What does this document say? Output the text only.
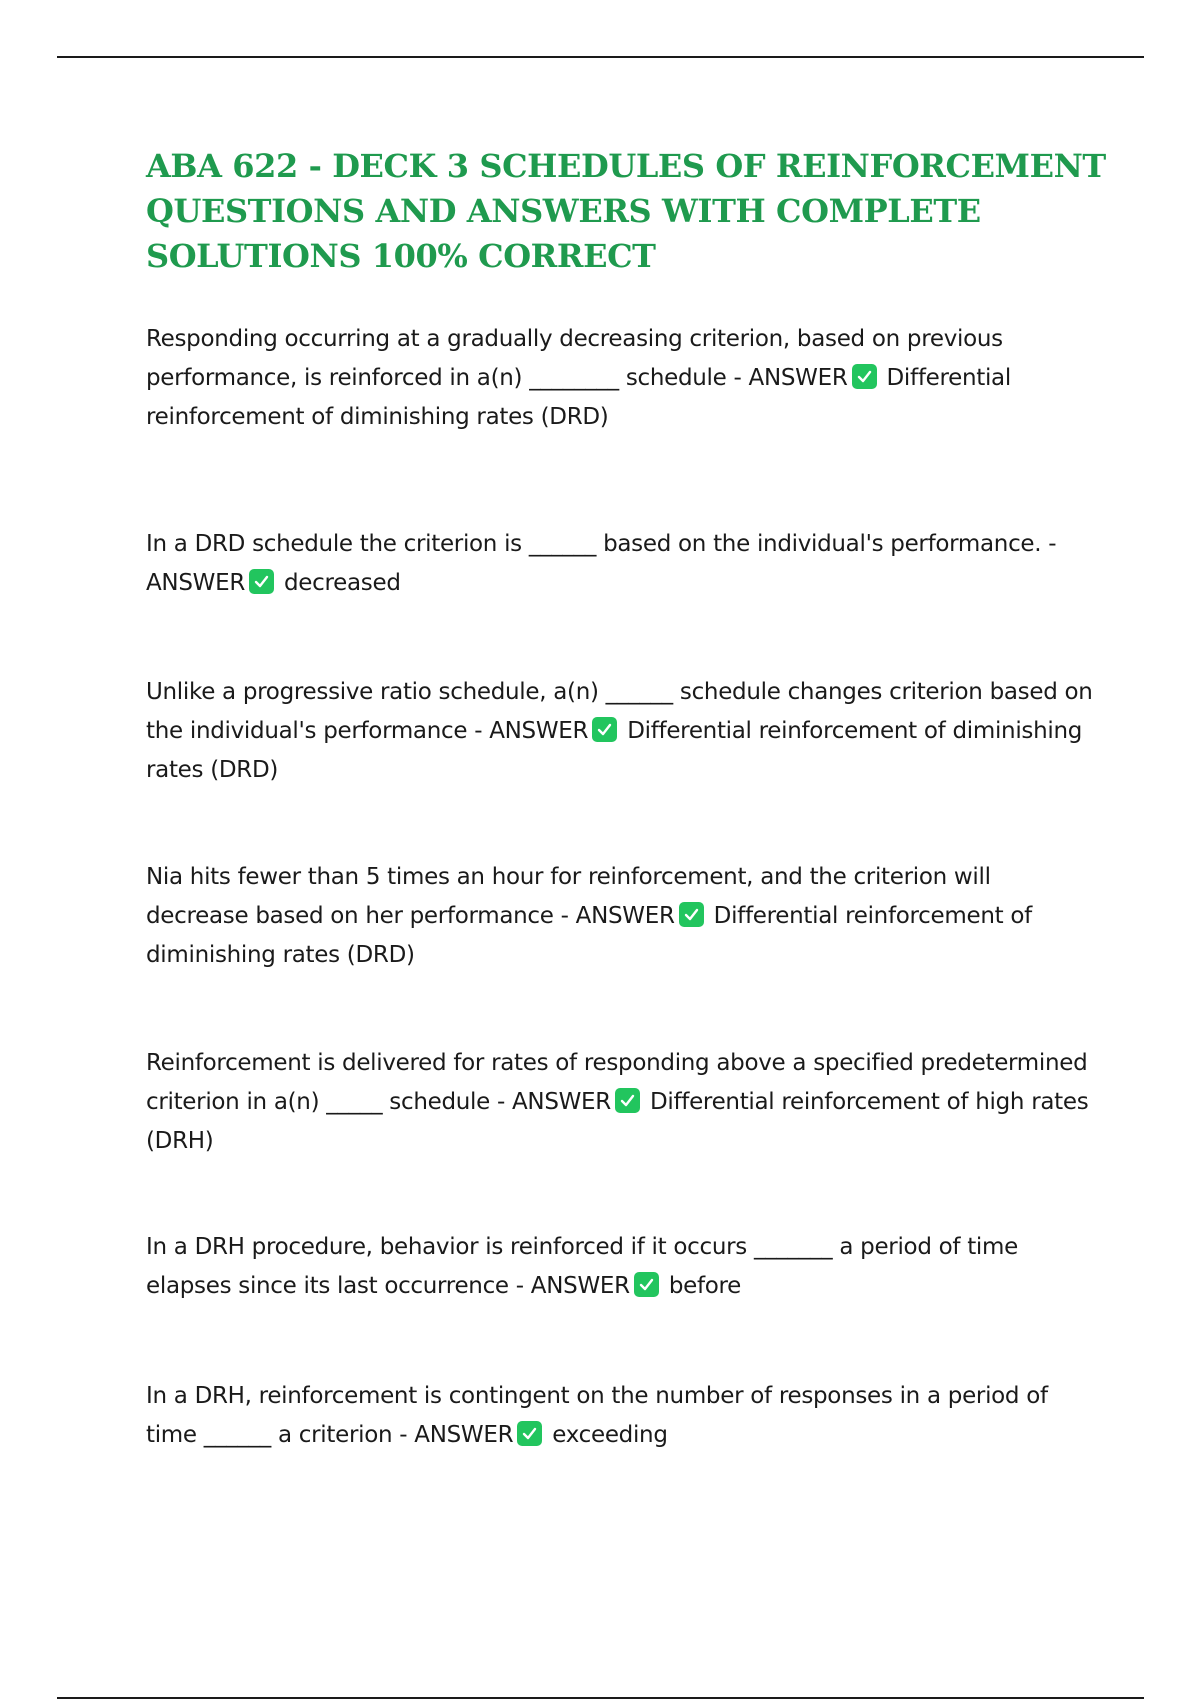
ABA 622 - DECK 3 SCHEDULES OF REINFORCEMENT QUESTIONS AND ANSWERS WITH COMPLETE SOLUTIONS 100% CORRECT

Responding occurring at a gradually decreasing criterion, based on previous performance, is reinforced in a(n) ________ schedule - ANSWER Differential reinforcement of diminishing rates (DRD)

In a DRD schedule the criterion is ______ based on the individual's performance. - ANSWER decreased

Unlike a progressive ratio schedule, a(n) ______ schedule changes criterion based on the individual's performance - ANSWER Differential reinforcement of diminishing rates (DRD)

Nia hits fewer than 5 times an hour for reinforcement, and the criterion will decrease based on her performance - ANSWER Differential reinforcement of diminishing rates (DRD)

Reinforcement is delivered for rates of responding above a specified predetermined criterion in a(n) _____ schedule - ANSWER Differential reinforcement of high rates (DRH)

In a DRH procedure, behavior is reinforced if it occurs _______ a period of time elapses since its last occurrence - ANSWER before

In a DRH, reinforcement is contingent on the number of responses in a period of time ______ a criterion - ANSWER exceeding
